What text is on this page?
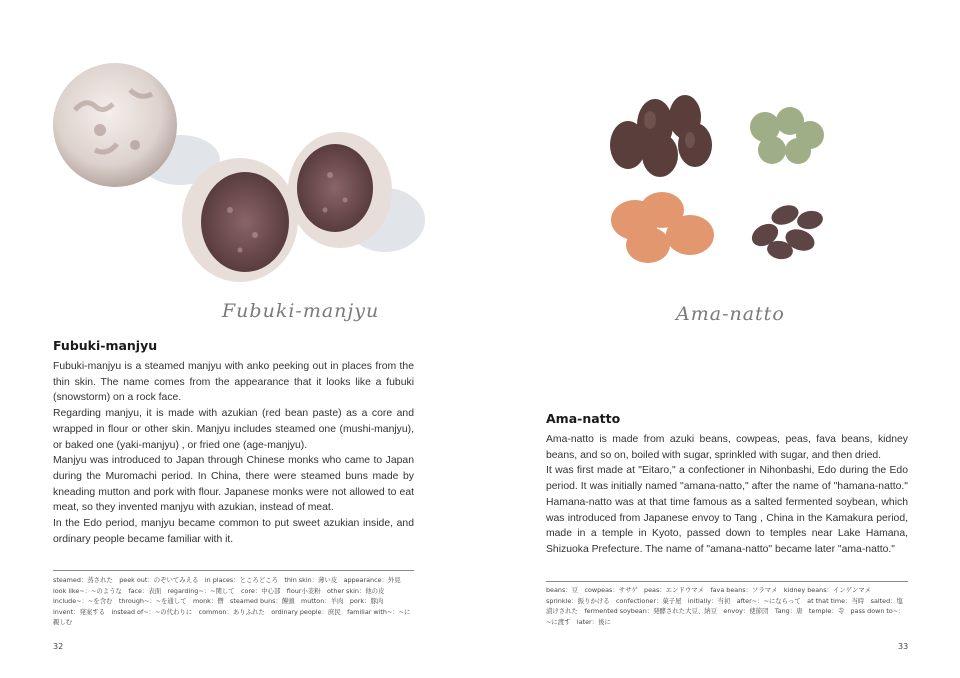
Fubuki-manjyu
Fubuki-manjyu

Fubuki-manjyu is a steamed manjyu with anko peeking out in places from the thin skin. The name comes from the appearance that it looks like a fubuki (snowstorm) on a rock face.

Regarding manjyu, it is made with azukian (red bean paste) as a core and wrapped in flour or other skin. Manjyu includes steamed one (mushi-manjyu), or baked one (yaki-manjyu) , or fried one (age-manjyu).

Manjyu was introduced to Japan through Chinese monks who came to Japan during the Muromachi period. In China, there were steamed buns made by kneading mutton and pork with flour. Japanese monks were not allowed to eat meat, so they invented manjyu with azukian, instead of meat.

In the Edo period, manjyu became common to put sweet azukian inside, and ordinary people became familiar with it.

steamed：蒸された　peek out：のぞいてみえる　in places：ところどころ　thin skin：薄い皮　appearance：外見　look like~：~のような　face：表面　regarding~：~関して　core：中心部　flour小麦粉　other skin：他の皮　include~：~を含む　through~：~を通して　monk：僧　steamed buns：饅頭　mutton：羊肉　pork：豚肉　invent：発案する　instead of~：~の代わりに　common：ありふれた　ordinary people：庶民　familiar with~：~に親しむ
32
Ama-natto
Ama-natto

Ama-natto is made from azuki beans, cowpeas, peas, fava beans, kidney beans, and so on, boiled with sugar, sprinkled with sugar, and then dried.

It was first made at "Eitaro," a confectioner in Nihonbashi, Edo during the Edo period. It was initially named "amana-natto," after the name of "hamana-natto." Hamana-natto was at that time famous as a salted fermented soybean, which was introduced from Japanese envoy to Tang , China in the Kamakura period, made in a temple in Kyoto, passed down to temples near Lake Hamana, Shizuoka Prefecture. The name of "amana-natto" became later "ama-natto."

beans：豆　cowpeas：ササゲ　peas：エンドウマメ　fava beans：ソラマメ　kidney beans：インゲンマメ　sprinkle：振りかける　confectioner：菓子屋　initially：当初　after~：~にならって　at that time：当時　salted：塩漬けされた　fermented soybean：発酵された大豆、納豆　envoy：使節団　Tang：唐　temple：寺　pass down to~：~に渡す　later：後に
33
